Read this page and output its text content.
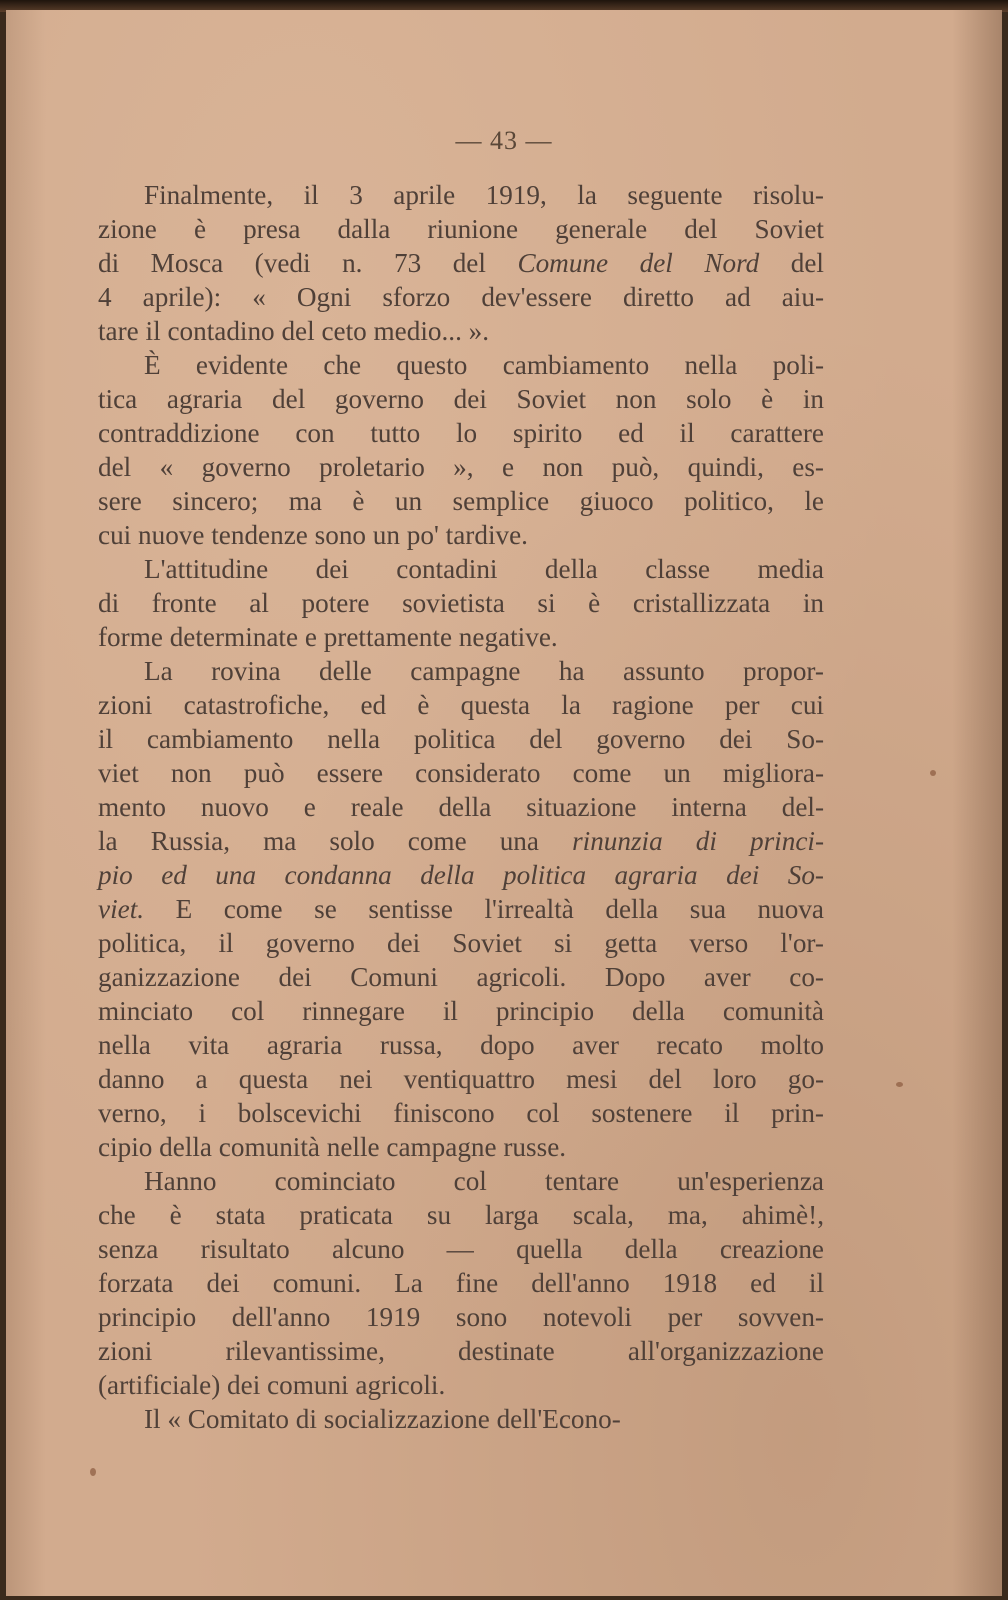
— 43 —

Finalmente, il 3 aprile 1919, la seguente risolu-
zione è presa dalla riunione generale del Soviet
di Mosca (vedi n. 73 del Comune del Nord del
4 aprile): « Ogni sforzo dev'essere diretto ad aiu-
tare il contadino del ceto medio... ».

È evidente che questo cambiamento nella poli-
tica agraria del governo dei Soviet non solo è in
contraddizione con tutto lo spirito ed il carattere
del « governo proletario », e non può, quindi, es-
sere sincero; ma è un semplice giuoco politico, le
cui nuove tendenze sono un po' tardive.

L'attitudine dei contadini della classe media
di fronte al potere sovietista si è cristallizzata in
forme determinate e prettamente negative.

La rovina delle campagne ha assunto propor-
zioni catastrofiche, ed è questa la ragione per cui
il cambiamento nella politica del governo dei So-
viet non può essere considerato come un migliora-
mento nuovo e reale della situazione interna del-
la Russia, ma solo come una rinunzia di princi-
pio ed una condanna della politica agraria dei So-
viet. E come se sentisse l'irrealtà della sua nuova
politica, il governo dei Soviet si getta verso l'or-
ganizzazione dei Comuni agricoli. Dopo aver co-
minciato col rinnegare il principio della comunità
nella vita agraria russa, dopo aver recato molto
danno a questa nei ventiquattro mesi del loro go-
verno, i bolscevichi finiscono col sostenere il prin-
cipio della comunità nelle campagne russe.

Hanno cominciato col tentare un'esperienza
che è stata praticata su larga scala, ma, ahimè!,
senza risultato alcuno — quella della creazione
forzata dei comuni. La fine dell'anno 1918 ed il
principio dell'anno 1919 sono notevoli per sovven-
zioni rilevantissime, destinate all'organizzazione
(artificiale) dei comuni agricoli.

Il « Comitato di socializzazione dell'Econo-
